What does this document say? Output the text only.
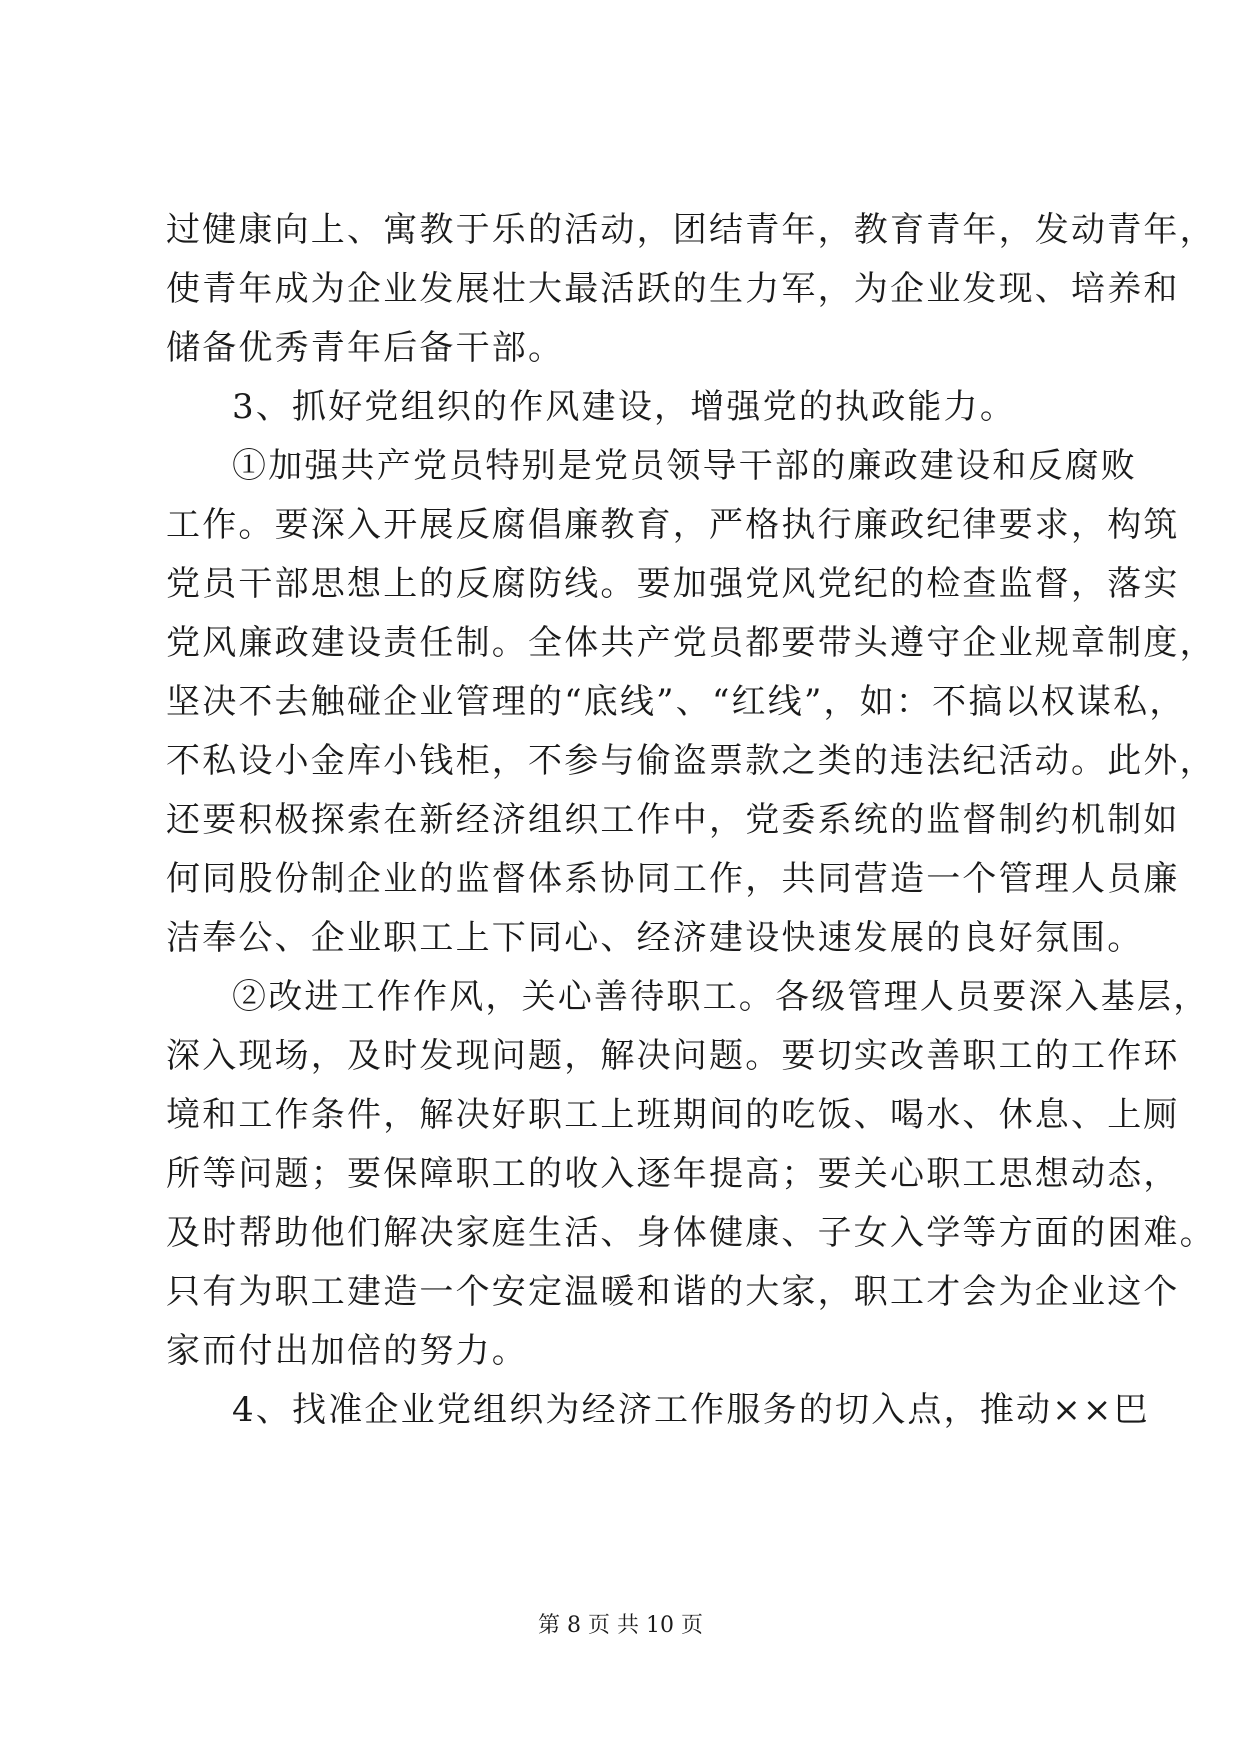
过健康向上、寓教于乐的活动，团结青年，教育青年，发动青年，
使青年成为企业发展壮大最活跃的生力军，为企业发现、培养和
储备优秀青年后备干部。
3、抓好党组织的作风建设，增强党的执政能力。
①加强共产党员特别是党员领导干部的廉政建设和反腐败
工作。要深入开展反腐倡廉教育，严格执行廉政纪律要求，构筑
党员干部思想上的反腐防线。要加强党风党纪的检查监督，落实
党风廉政建设责任制。全体共产党员都要带头遵守企业规章制度，
坚决不去触碰企业管理的“底线”、“红线”，如：不搞以权谋私，
不私设小金库小钱柜，不参与偷盗票款之类的违法纪活动。此外，
还要积极探索在新经济组织工作中，党委系统的监督制约机制如
何同股份制企业的监督体系协同工作，共同营造一个管理人员廉
洁奉公、企业职工上下同心、经济建设快速发展的良好氛围。
②改进工作作风，关心善待职工。各级管理人员要深入基层，
深入现场，及时发现问题，解决问题。要切实改善职工的工作环
境和工作条件，解决好职工上班期间的吃饭、喝水、休息、上厕
所等问题；要保障职工的收入逐年提高；要关心职工思想动态，
及时帮助他们解决家庭生活、身体健康、子女入学等方面的困难。
只有为职工建造一个安定温暖和谐的大家，职工才会为企业这个
家而付出加倍的努力。
4、找准企业党组织为经济工作服务的切入点，推动××巴
第 8 页 共 10 页
